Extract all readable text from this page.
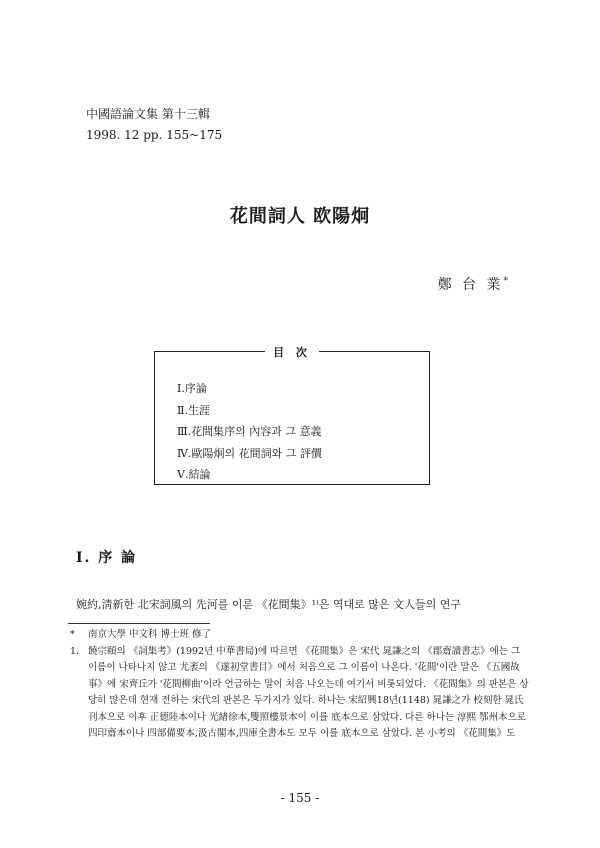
中國語論文集 第十三輯
1998. 12 pp. 155~175
花間詞人 欧陽炯
鄭 台 業*
目 次
Ⅰ.序論
Ⅱ.生涯
Ⅲ.花間集序의 內容과 그 意義
Ⅳ.歐陽炯의 花間詞와 그 評價
Ⅴ.結論
Ⅰ. 序 論
婉約,淸新한 北宋詞風의 先河를 이룬 《花間集》¹⁾은 역대로 많은 文人들의 연구
* 南京大學 中文科 博士班 修了
1. 饒宗頤의 《詞集考》(1992년 中華書局)에 따르면 《花間集》은 宋代 晁謙之의 《郡齋讀書志》에는 그 이름이 나타나지 않고 尤袤의 《遂初堂書目》에서 처음으로 그 이름이 나온다. '花間'이란 말은 《五國故事》에 宋齊丘가 '花間柳曲'이라 언급하는 말이 처음 나오는데 여기서 비롯되었다. 《花間集》의 판본은 상당히 많은데 현재 전하는 宋代의 판본은 두가지가 있다. 하나는 宋紹興18년(1148) 晁謙之가 校刻한 晁氏刊本으로 이후 正德陸本이나 光緖徐本,雙照樓景本이 이를 底本으로 삼았다. 다른 하나는 淳熙 鄂州本으로 四印齋本이나 四部備要本,汲古閣本,四庫全書本도 모두 이를 底本으로 삼았다. 본 小考의 《花間集》도
- 155 -
